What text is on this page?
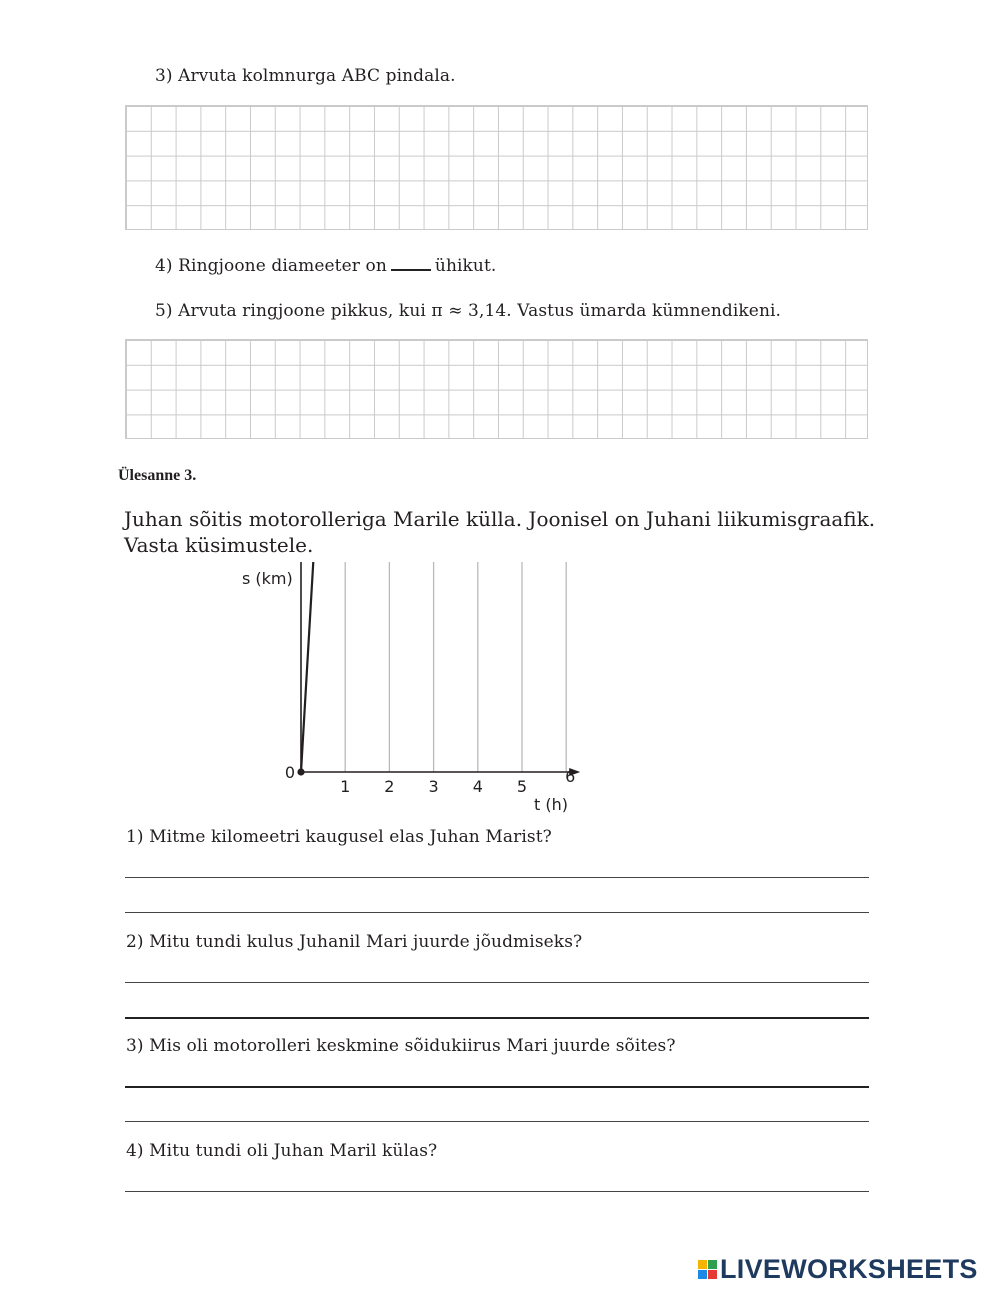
3) Arvuta kolmnurga ABC pindala.
4) Ringjoone diameeter on	ühikut.
5) Arvuta ringjoone pikkus, kui π ≈ 3,14. Vastus ümarda kümnendikeni.
Ülesanne 3.
Juhan sõitis motorolleriga Marile külla. Joonisel on Juhani liikumisgraafik. Vasta küsimustele.
0
1 2 3 4 5
6
s (km)
t (h)
1) Mitme kilomeetri kaugusel elas Juhan Marist?
2) Mitu tundi kulus Juhanil Mari juurde jõudmiseks?
3) Mis oli motorolleri keskmine sõidukiirus Mari juurde sõites?
4) Mitu tundi oli Juhan Maril külas?
LIVEWORKSHEETS
